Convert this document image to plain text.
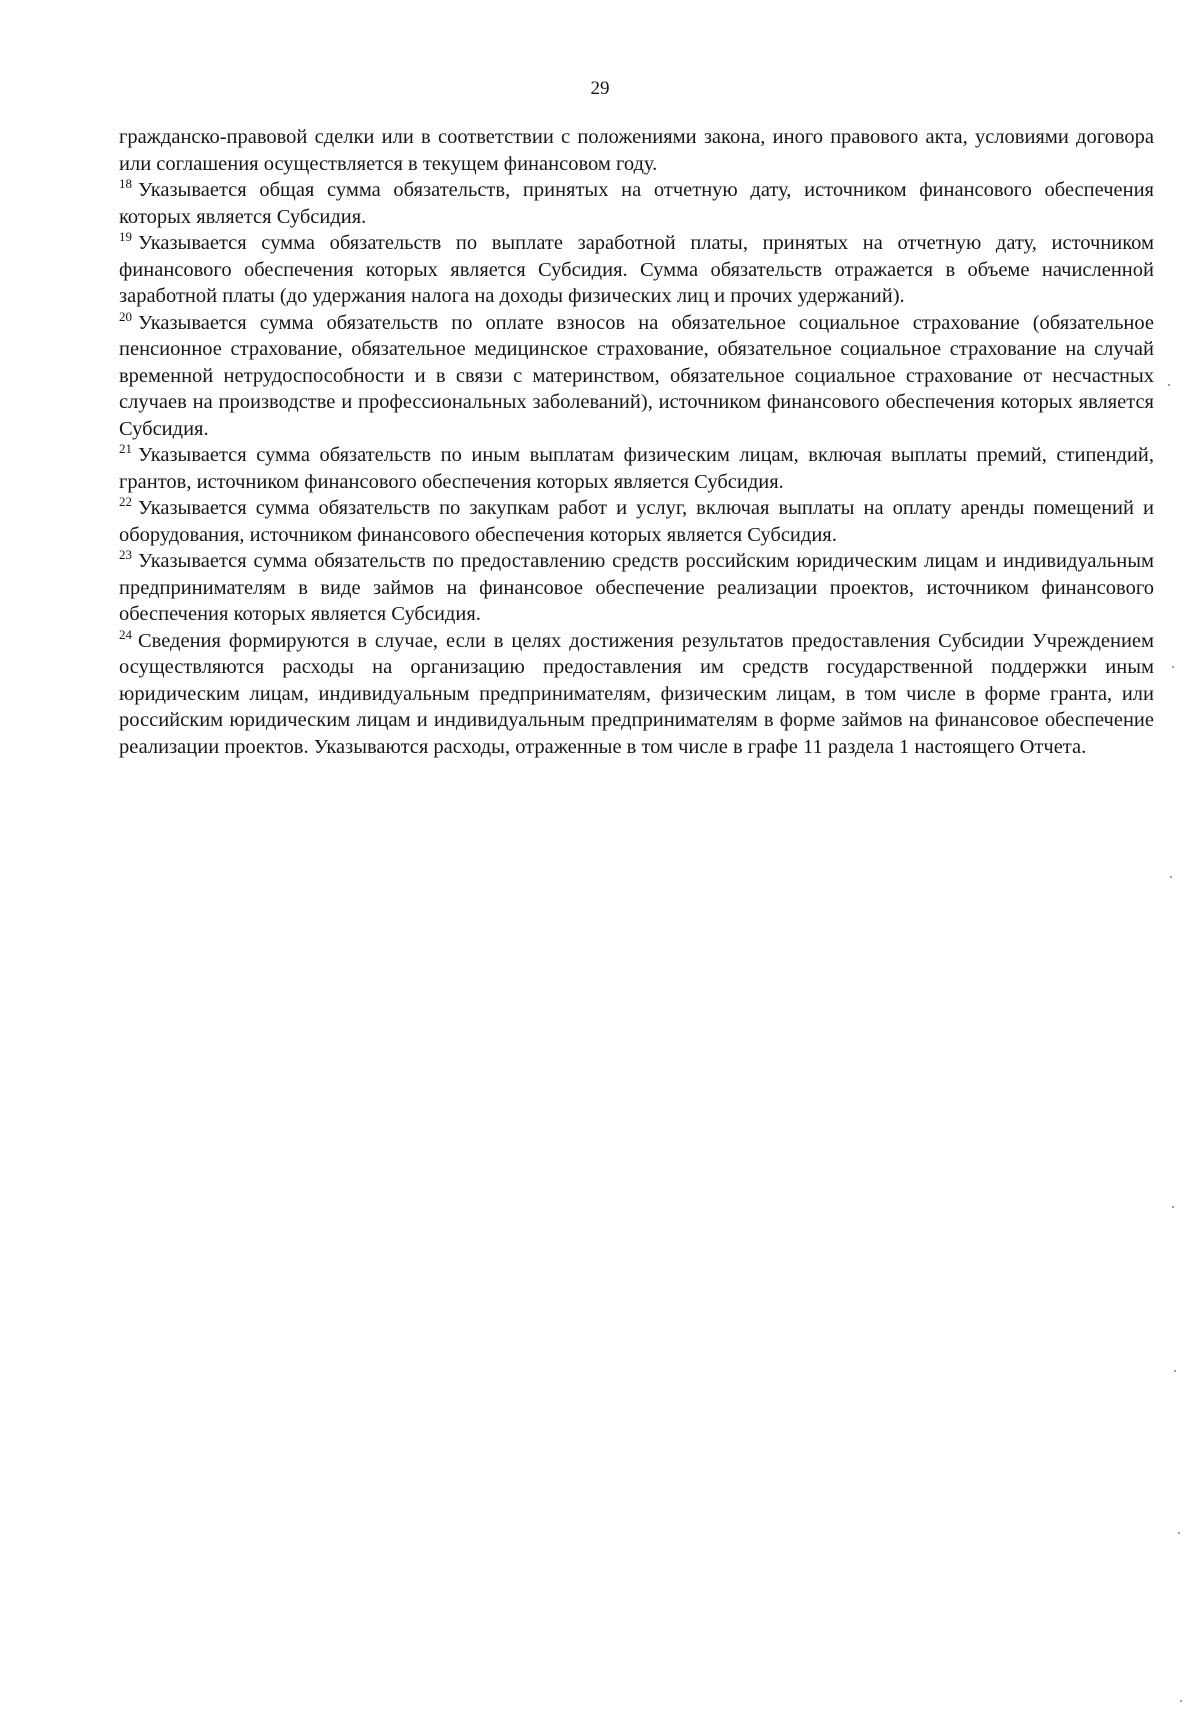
29

гражданско-правовой сделки или в соответствии с положениями закона, иного правового акта, условиями договора или соглашения осуществляется в текущем финансовом году.

$^{18}$ Указывается общая сумма обязательств, принятых на отчетную дату, источником финансового обеспечения которых является Субсидия.

$^{19}$ Указывается сумма обязательств по выплате заработной платы, принятых на отчетную дату, источником финансового обеспечения которых является Субсидия. Сумма обязательств отражается в объеме начисленной заработной платы (до удержания налога на доходы физических лиц и прочих удержаний).

$^{20}$ Указывается сумма обязательств по оплате взносов на обязательное социальное страхование (обязательное пенсионное страхование, обязательное медицинское страхование, обязательное социальное страхование на случай временной нетрудоспособности и в связи с материнством, обязательное социальное страхование от несчастных случаев на производстве и профессиональных заболеваний), источником финансового обеспечения которых является Субсидия.

$^{21}$ Указывается сумма обязательств по иным выплатам физическим лицам, включая выплаты премий, стипендий, грантов, источником финансового обеспечения которых является Субсидия.

$^{22}$ Указывается сумма обязательств по закупкам работ и услуг, включая выплаты на оплату аренды помещений и оборудования, источником финансового обеспечения которых является Субсидия.

$^{23}$ Указывается сумма обязательств по предоставлению средств российским юридическим лицам и индивидуальным предпринимателям в виде займов на финансовое обеспечение реализации проектов, источником финансового обеспечения которых является Субсидия.

$^{24}$ Сведения формируются в случае, если в целях достижения результатов предоставления Субсидии Учреждением осуществляются расходы на организацию предоставления им средств государственной поддержки иным юридическим лицам, индивидуальным предпринимателям, физическим лицам, в том числе в форме гранта, или российским юридическим лицам и индивидуальным предпринимателям в форме займов на финансовое обеспечение реализации проектов. Указываются расходы, отраженные в том числе в графе 11 раздела 1 настоящего Отчета.
